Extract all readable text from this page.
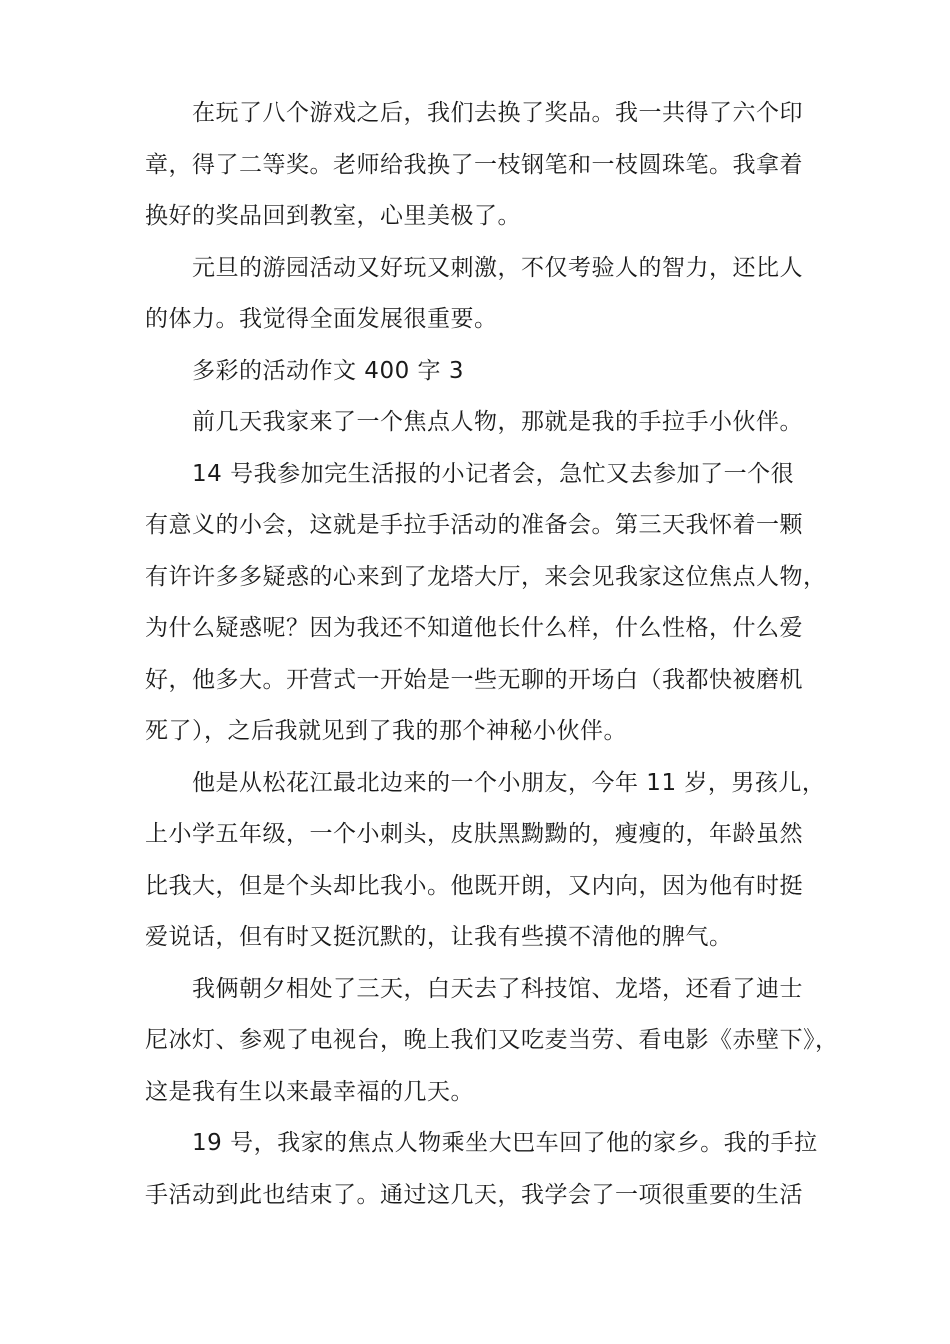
在玩了八个游戏之后，我们去换了奖品。我一共得了六个印
章，得了二等奖。老师给我换了一枝钢笔和一枝圆珠笔。我拿着
换好的奖品回到教室，心里美极了。
元旦的游园活动又好玩又刺激，不仅考验人的智力，还比人
的体力。我觉得全面发展很重要。
多彩的活动作文 400 字 3
前几天我家来了一个焦点人物，那就是我的手拉手小伙伴。
14 号我参加完生活报的小记者会，急忙又去参加了一个很
有意义的小会，这就是手拉手活动的准备会。第三天我怀着一颗
有许许多多疑惑的心来到了龙塔大厅，来会见我家这位焦点人物，
为什么疑惑呢？因为我还不知道他长什么样，什么性格，什么爱
好，他多大。开营式一开始是一些无聊的开场白（我都快被磨机
死了），之后我就见到了我的那个神秘小伙伴。
他是从松花江最北边来的一个小朋友，今年 11 岁，男孩儿，
上小学五年级，一个小刺头，皮肤黑黝黝的，瘦瘦的，年龄虽然
比我大，但是个头却比我小。他既开朗，又内向，因为他有时挺
爱说话，但有时又挺沉默的，让我有些摸不清他的脾气。
我俩朝夕相处了三天，白天去了科技馆、龙塔，还看了迪士
尼冰灯、参观了电视台，晚上我们又吃麦当劳、看电影《赤壁下》，
这是我有生以来最幸福的几天。
19 号，我家的焦点人物乘坐大巴车回了他的家乡。我的手拉
手活动到此也结束了。通过这几天，我学会了一项很重要的生活
